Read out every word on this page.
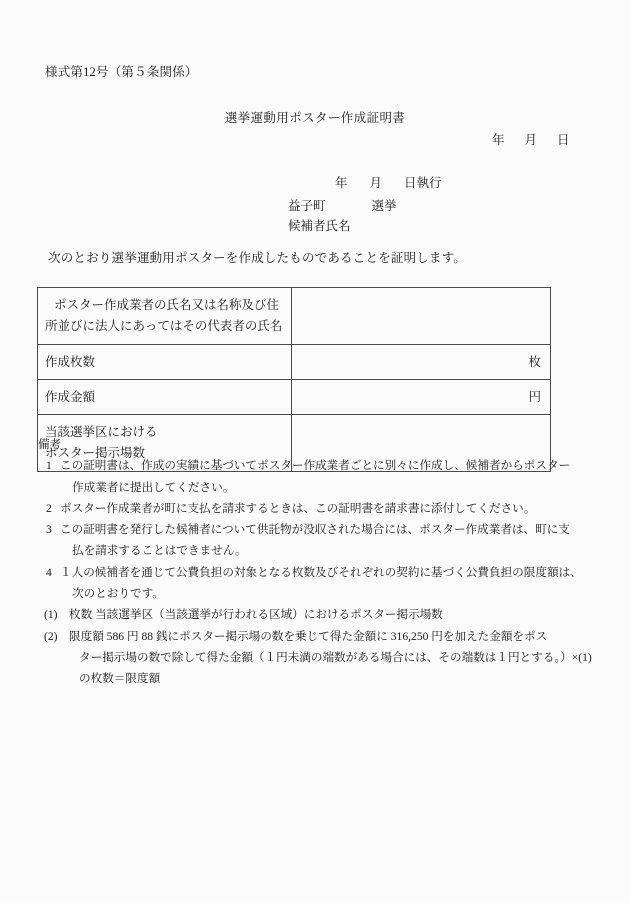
様式第12号（第５条関係）
選挙運動用ポスター作成証明書
年 月 日
年 月 日執行
益子町	選挙
候補者氏名
次のとおり選挙運動用ポスターを作成したものであることを証明します。
ポスター作成業者の氏名又は名称及び住
所並びに法人にあってはその代表者の氏名	

作成枚数	枚

作成金額	円

当該選挙区における
ポスター掲示場数	

備考
1 この証明書は、作成の実績に基づいてポスター作成業者ごとに別々に作成し、候補者からポスター

作成業者に提出してください。

2 ポスター作成業者が町に支払を請求するときは、この証明書を請求書に添付してください。

3 この証明書を発行した候補者について供託物が没収された場合には、ポスター作成業者は、町に支

払を請求することはできません。

4 １人の候補者を通じて公費負担の対象となる枚数及びそれぞれの契約に基づく公費負担の限度額は、

次のとおりです。

(1) 枚数 当該選挙区（当該選挙が行われる区域）におけるポスター掲示場数

(2) 限度額 586 円 88 銭にポスター掲示場の数を乗じて得た金額に 316,250 円を加えた金額をポス

ター掲示場の数で除して得た金額（１円未満の端数がある場合には、その端数は１円とする。）×(1)

の枚数＝限度額
